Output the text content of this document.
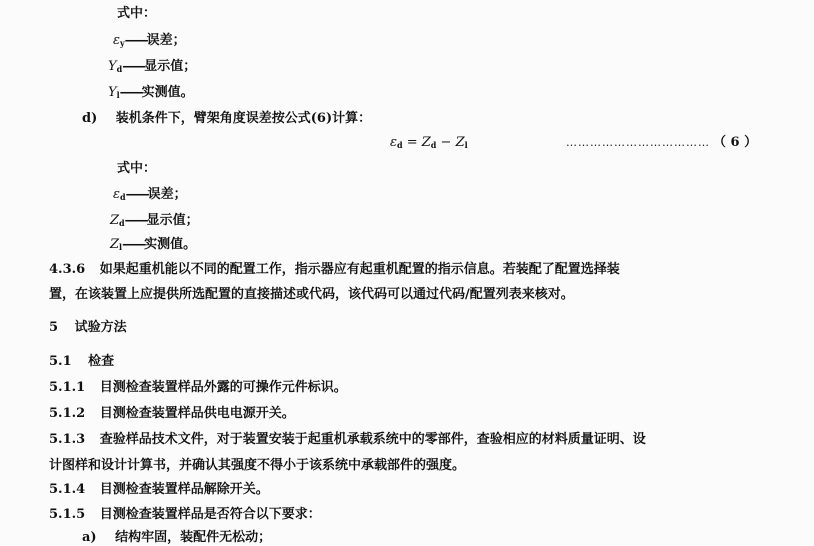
式中：
$\varepsilon_y——$误差；
$Y_d——$显示值；
$Y_l——$实测值。
d) 装机条件下，臂架角度误差按公式(6)计算：
$\varepsilon_d = Z_d - Z_l$	……………………………… （ 6 ）
式中：
$\varepsilon_d——$误差；
$Z_d——$显示值；
$Z_l——$实测值。
4.3.6 如果起重机能以不同的配置工作，指示器应有起重机配置的指示信息。若装配了配置选择装
置，在该装置上应提供所选配置的直接描述或代码，该代码可以通过代码/配置列表来核对。
5 试验方法
5.1 检查
5.1.1 目测检查装置样品外露的可操作元件标识。
5.1.2 目测检查装置样品供电电源开关。
5.1.3 查验样品技术文件，对于装置安装于起重机承载系统中的零部件，查验相应的材料质量证明、设
计图样和设计计算书，并确认其强度不得小于该系统中承载部件的强度。
5.1.4 目测检查装置样品解除开关。
5.1.5 目测检查装置样品是否符合以下要求：
a) 结构牢固，装配件无松动；
